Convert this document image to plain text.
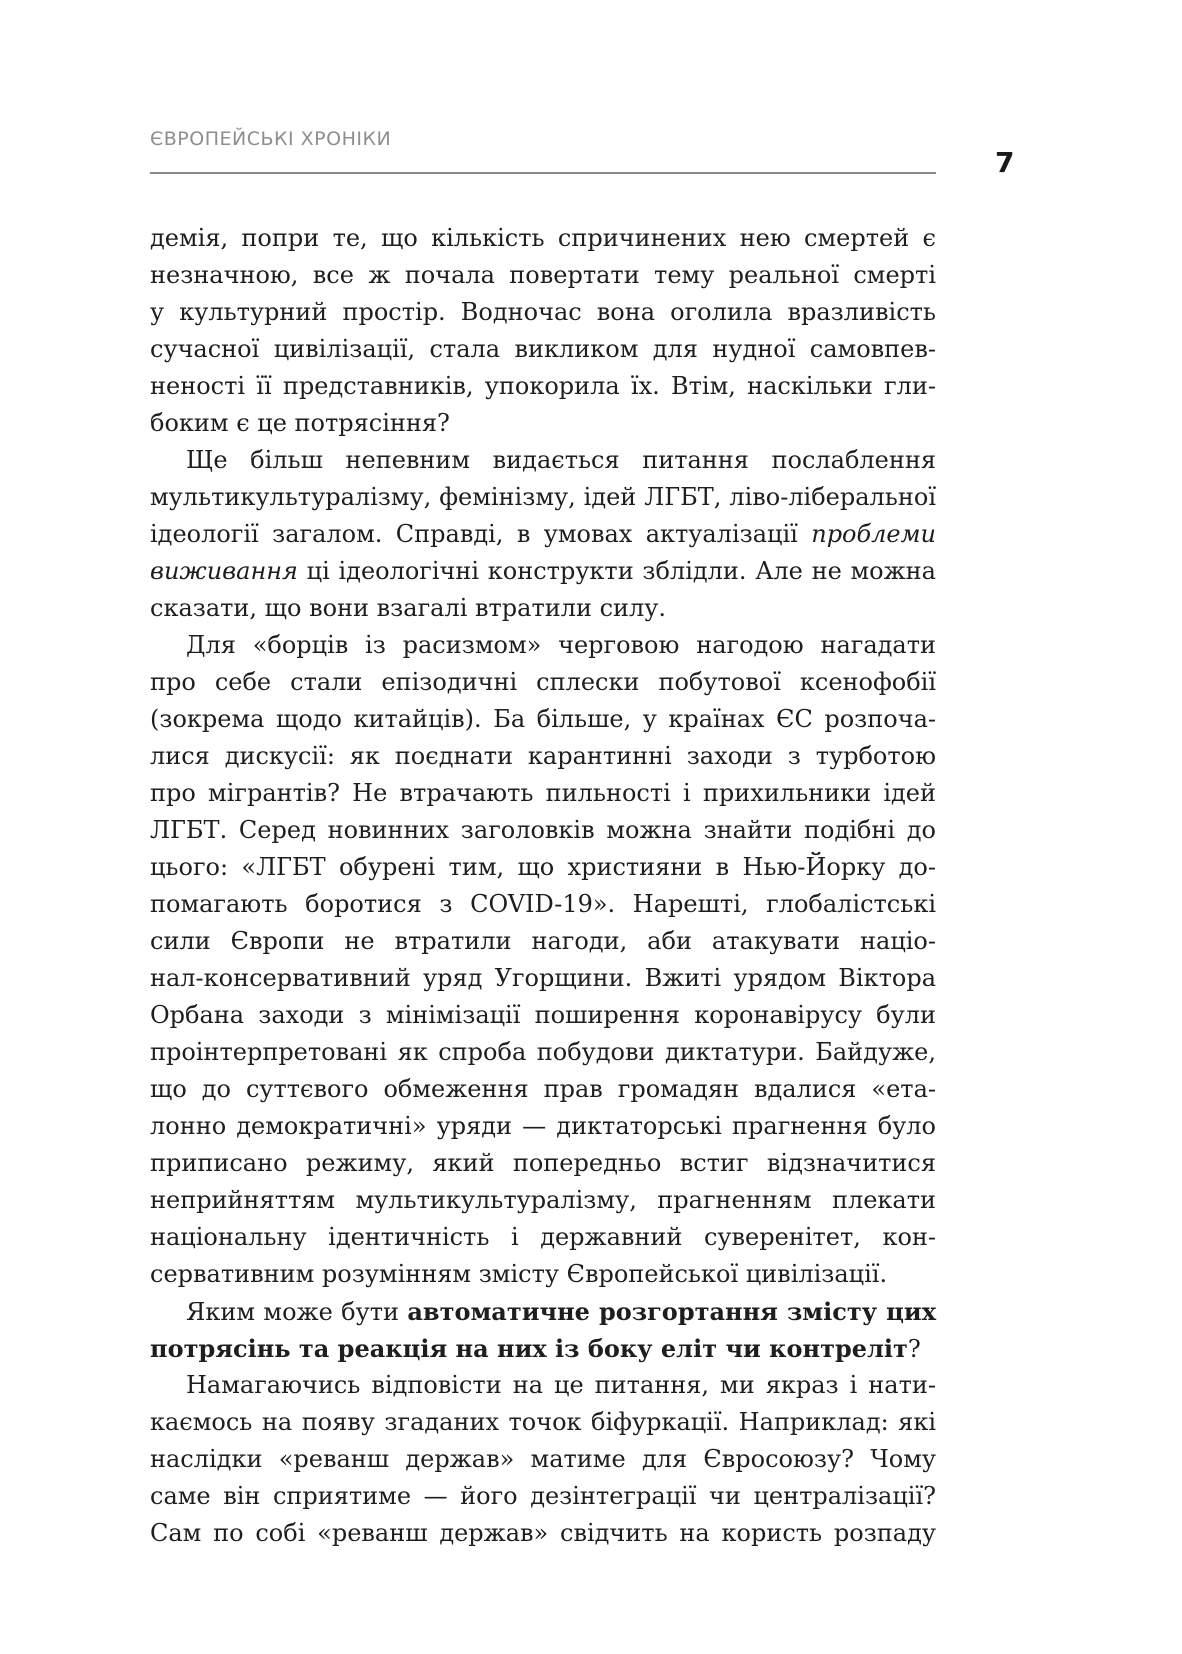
ЄВРОПЕЙСЬКІ ХРОНІКИ
7
демія, попри те, що кількість спричинених нею смертей є
незначною, все ж почала повертати тему реальної смерті
у культурний простір. Водночас вона оголила вразливість
сучасної цивілізації, стала викликом для нудної самовпев-
неності її представників, упокорила їх. Втім, наскільки гли-
боким є це потрясіння?
Ще більш непевним видається питання послаблення
мультикультуралізму, фемінізму, ідей ЛГБТ, ліво-ліберальної
ідеології загалом. Справді, в умовах актуалізації проблеми
виживання ці ідеологічні конструкти зблідли. Але не можна
сказати, що вони взагалі втратили силу.
Для «борців із расизмом» черговою нагодою нагадати
про себе стали епізодичні сплески побутової ксенофобії
(зокрема щодо китайців). Ба більше, у країнах ЄС розпоча-
лися дискусії: як поєднати карантинні заходи з турботою
про мігрантів? Не втрачають пильності і прихильники ідей
ЛГБТ. Серед новинних заголовків можна знайти подібні до
цього: «ЛГБТ обурені тим, що християни в Нью-Йорку до-
помагають боротися з COVID-19». Нарешті, глобалістські
сили Європи не втратили нагоди, аби атакувати націо-
нал-консервативний уряд Угорщини. Вжиті урядом Віктора
Орбана заходи з мінімізації поширення коронавірусу були
проінтерпретовані як спроба побудови диктатури. Байдуже,
що до суттєвого обмеження прав громадян вдалися «ета-
лонно демократичні» уряди — диктаторські прагнення було
приписано режиму, який попередньо встиг відзначитися
неприйняттям мультикультуралізму, прагненням плекати
національну ідентичність і державний суверенітет, кон-
сервативним розумінням змісту Європейської цивілізації.
Яким може бути автоматичне розгортання змісту цих
потрясінь та реакція на них із боку еліт чи контреліт?
Намагаючись відповісти на це питання, ми якраз і нати-
каємось на появу згаданих точок біфуркації. Наприклад: які
наслідки «реванш держав» матиме для Євросоюзу? Чому
саме він сприятиме — його дезінтеграції чи централізації?
Сам по собі «реванш держав» свідчить на користь розпаду
